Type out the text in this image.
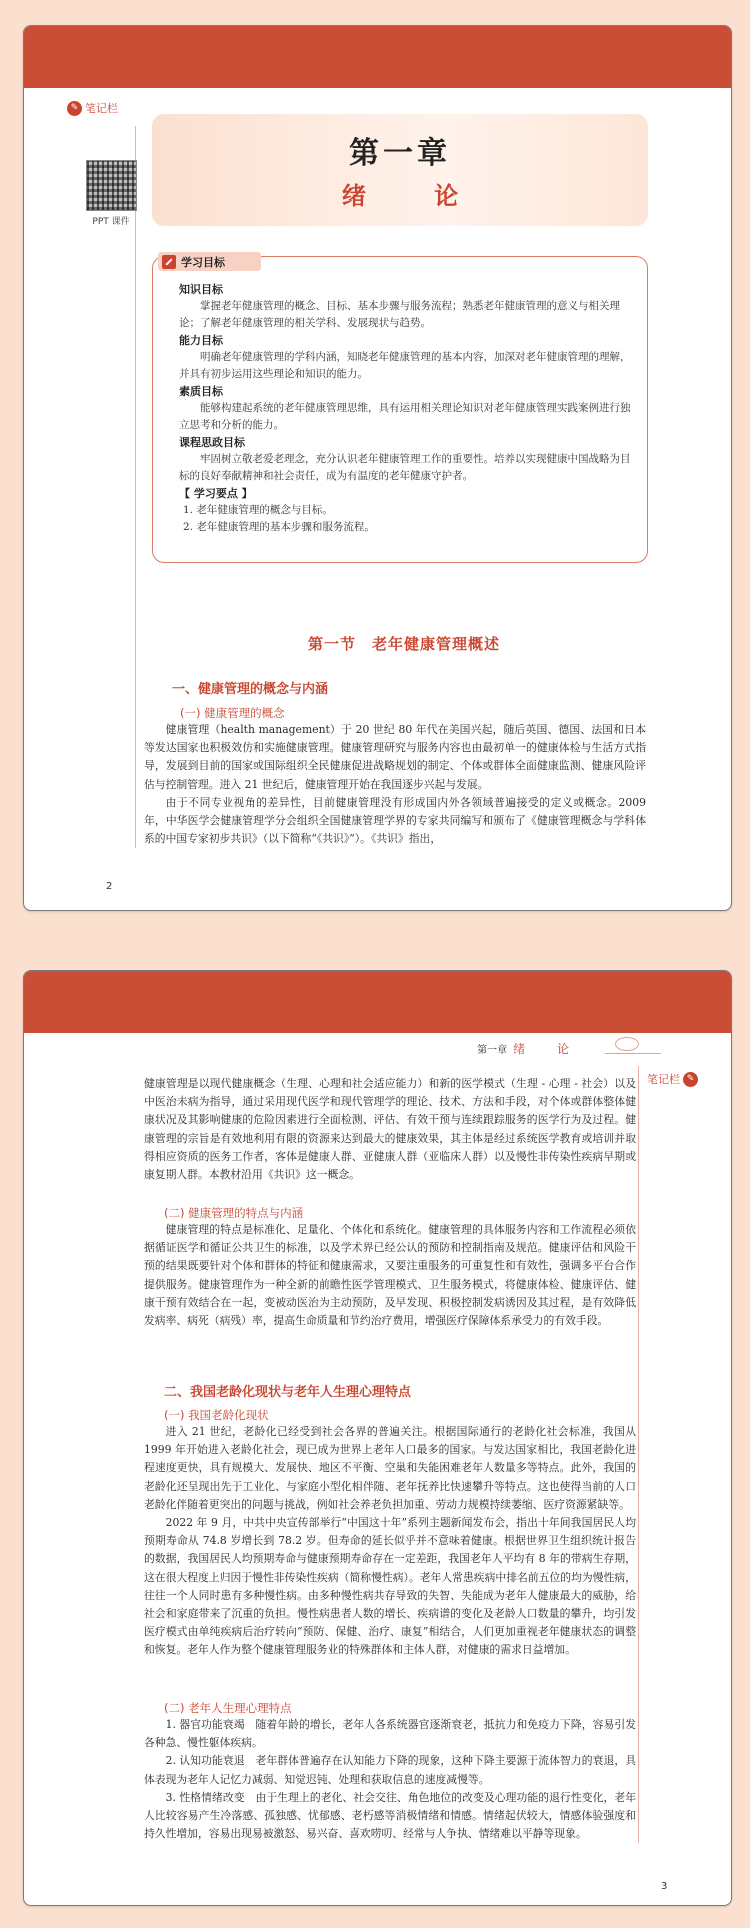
✎ 笔记栏
PPT 课件
第一章
绪 论
学习目标
知识目标
掌握老年健康管理的概念、目标、基本步骤与服务流程；熟悉老年健康管理的意义与相关理论；了解老年健康管理的相关学科、发展现状与趋势。
能力目标
明确老年健康管理的学科内涵，知晓老年健康管理的基本内容，加深对老年健康管理的理解，并具有初步运用这些理论和知识的能力。
素质目标
能够构建起系统的老年健康管理思维，具有运用相关理论知识对老年健康管理实践案例进行独立思考和分析的能力。
课程思政目标
牢固树立敬老爱老理念，充分认识老年健康管理工作的重要性。培养以实现健康中国战略为目标的良好奉献精神和社会责任，成为有温度的老年健康守护者。
【 学习要点 】
1. 老年健康管理的概念与目标。
2. 老年健康管理的基本步骤和服务流程。
第一节　老年健康管理概述
一、健康管理的概念与内涵
(一) 健康管理的概念

健康管理（health management）于 20 世纪 80 年代在美国兴起，随后英国、德国、法国和日本等发达国家也积极效仿和实施健康管理。健康管理研究与服务内容也由最初单一的健康体检与生活方式指导，发展到目前的国家或国际组织全民健康促进战略规划的制定、个体或群体全面健康监测、健康风险评估与控制管理。进入 21 世纪后，健康管理开始在我国逐步兴起与发展。

由于不同专业视角的差异性，目前健康管理没有形成国内外各领域普遍接受的定义或概念。2009 年，中华医学会健康管理学分会组织全国健康管理学界的专家共同编写和颁布了《健康管理概念与学科体系的中国专家初步共识》（以下简称“《共识》”）。《共识》指出，

2
第一章 绪 论
笔记栏 ✎

健康管理是以现代健康概念（生理、心理和社会适应能力）和新的医学模式（生理 - 心理 - 社会）以及中医治未病为指导，通过采用现代医学和现代管理学的理论、技术、方法和手段，对个体或群体整体健康状况及其影响健康的危险因素进行全面检测、评估、有效干预与连续跟踪服务的医学行为及过程。健康管理的宗旨是有效地利用有限的资源来达到最大的健康效果，其主体是经过系统医学教育或培训并取得相应资质的医务工作者，客体是健康人群、亚健康人群（亚临床人群）以及慢性非传染性疾病早期或康复期人群。本教材沿用《共识》这一概念。

(二) 健康管理的特点与内涵

健康管理的特点是标准化、足量化、个体化和系统化。健康管理的具体服务内容和工作流程必须依据循证医学和循证公共卫生的标准，以及学术界已经公认的预防和控制指南及规范。健康评估和风险干预的结果既要针对个体和群体的特征和健康需求，又要注重服务的可重复性和有效性，强调多平台合作提供服务。健康管理作为一种全新的前瞻性医学管理模式、卫生服务模式，将健康体检、健康评估、健康干预有效结合在一起，变被动医治为主动预防，及早发现、积极控制发病诱因及其过程，是有效降低发病率、病死（病残）率，提高生命质量和节约治疗费用，增强医疗保障体系承受力的有效手段。

二、我国老龄化现状与老年人生理心理特点
(一) 我国老龄化现状

进入 21 世纪，老龄化已经受到社会各界的普遍关注。根据国际通行的老龄化社会标准，我国从 1999 年开始进入老龄化社会，现已成为世界上老年人口最多的国家。与发达国家相比，我国老龄化进程速度更快，具有规模大、发展快、地区不平衡、空巢和失能困难老年人数量多等特点。此外，我国的老龄化还呈现出先于工业化、与家庭小型化相伴随、老年抚养比快速攀升等特点。这也使得当前的人口老龄化伴随着更突出的问题与挑战，例如社会养老负担加重、劳动力规模持续萎缩、医疗资源紧缺等。

2022 年 9 月，中共中央宣传部举行“中国这十年”系列主题新闻发布会，指出十年间我国居民人均预期寿命从 74.8 岁增长到 78.2 岁。但寿命的延长似乎并不意味着健康。根据世界卫生组织统计报告的数据，我国居民人均预期寿命与健康预期寿命存在一定差距，我国老年人平均有 8 年的带病生存期，这在很大程度上归因于慢性非传染性疾病（简称慢性病）。老年人常患疾病中排名前五位的均为慢性病，往往一个人同时患有多种慢性病。由多种慢性病共存导致的失智、失能成为老年人健康最大的威胁，给社会和家庭带来了沉重的负担。慢性病患者人数的增长、疾病谱的变化及老龄人口数量的攀升，均引发医疗模式由单纯疾病后治疗转向“预防、保健、治疗、康复”相结合，人们更加重视老年健康状态的调整和恢复。老年人作为整个健康管理服务业的特殊群体和主体人群，对健康的需求日益增加。

(二) 老年人生理心理特点

1. 器官功能衰竭　随着年龄的增长，老年人各系统器官逐渐衰老，抵抗力和免疫力下降，容易引发各种急、慢性躯体疾病。

2. 认知功能衰退　老年群体普遍存在认知能力下降的现象，这种下降主要源于流体智力的衰退，具体表现为老年人记忆力减弱、知觉迟钝、处理和获取信息的速度减慢等。

3. 性格情绪改变　由于生理上的老化、社会交往、角色地位的改变及心理功能的退行性变化，老年人比较容易产生冷落感、孤独感、忧郁感、老朽感等消极情绪和情感。情绪起伏较大，情感体验强度和持久性增加，容易出现易被激怒、易兴奋、喜欢唠叨、经常与人争执、情绪难以平静等现象。

3
